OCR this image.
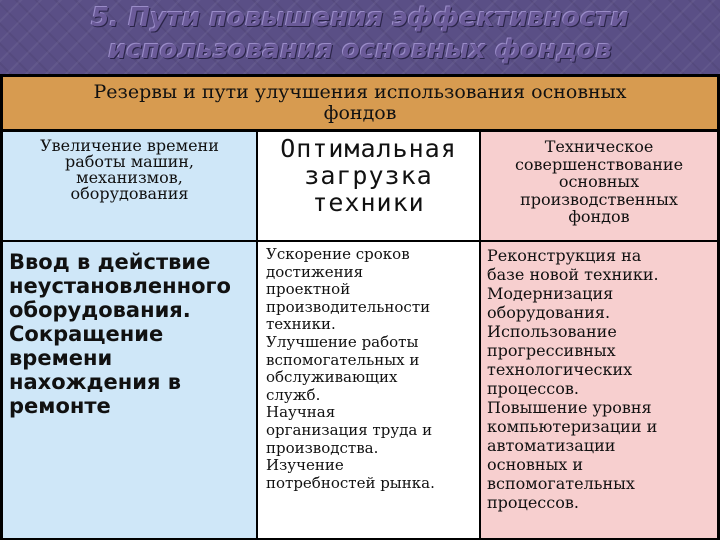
5. Пути повышения эффективности
использования основных фондов
Резервы и пути улучшения использования основных
фондов
Увеличение времени
работы машин,
механизмов,
оборудования
Оптимальная
загрузка
техники
Техническое
совершенствование
основных
производственных
фондов
Ввод в действие
неустановленного
оборудования.
Сокращение
времени
нахождения в
ремонте
Ускорение сроков
достижения
проектной
производительности
техники.
Улучшение работы
вспомогательных и
обслуживающих
служб.
Научная
организация труда и
производства.
Изучение
потребностей рынка.
Реконструкция на
базе новой техники.
Модернизация
оборудования.
Использование
прогрессивных
технологических
процессов.
Повышение уровня
компьютеризации и
автоматизации
основных и
вспомогательных
процессов.
